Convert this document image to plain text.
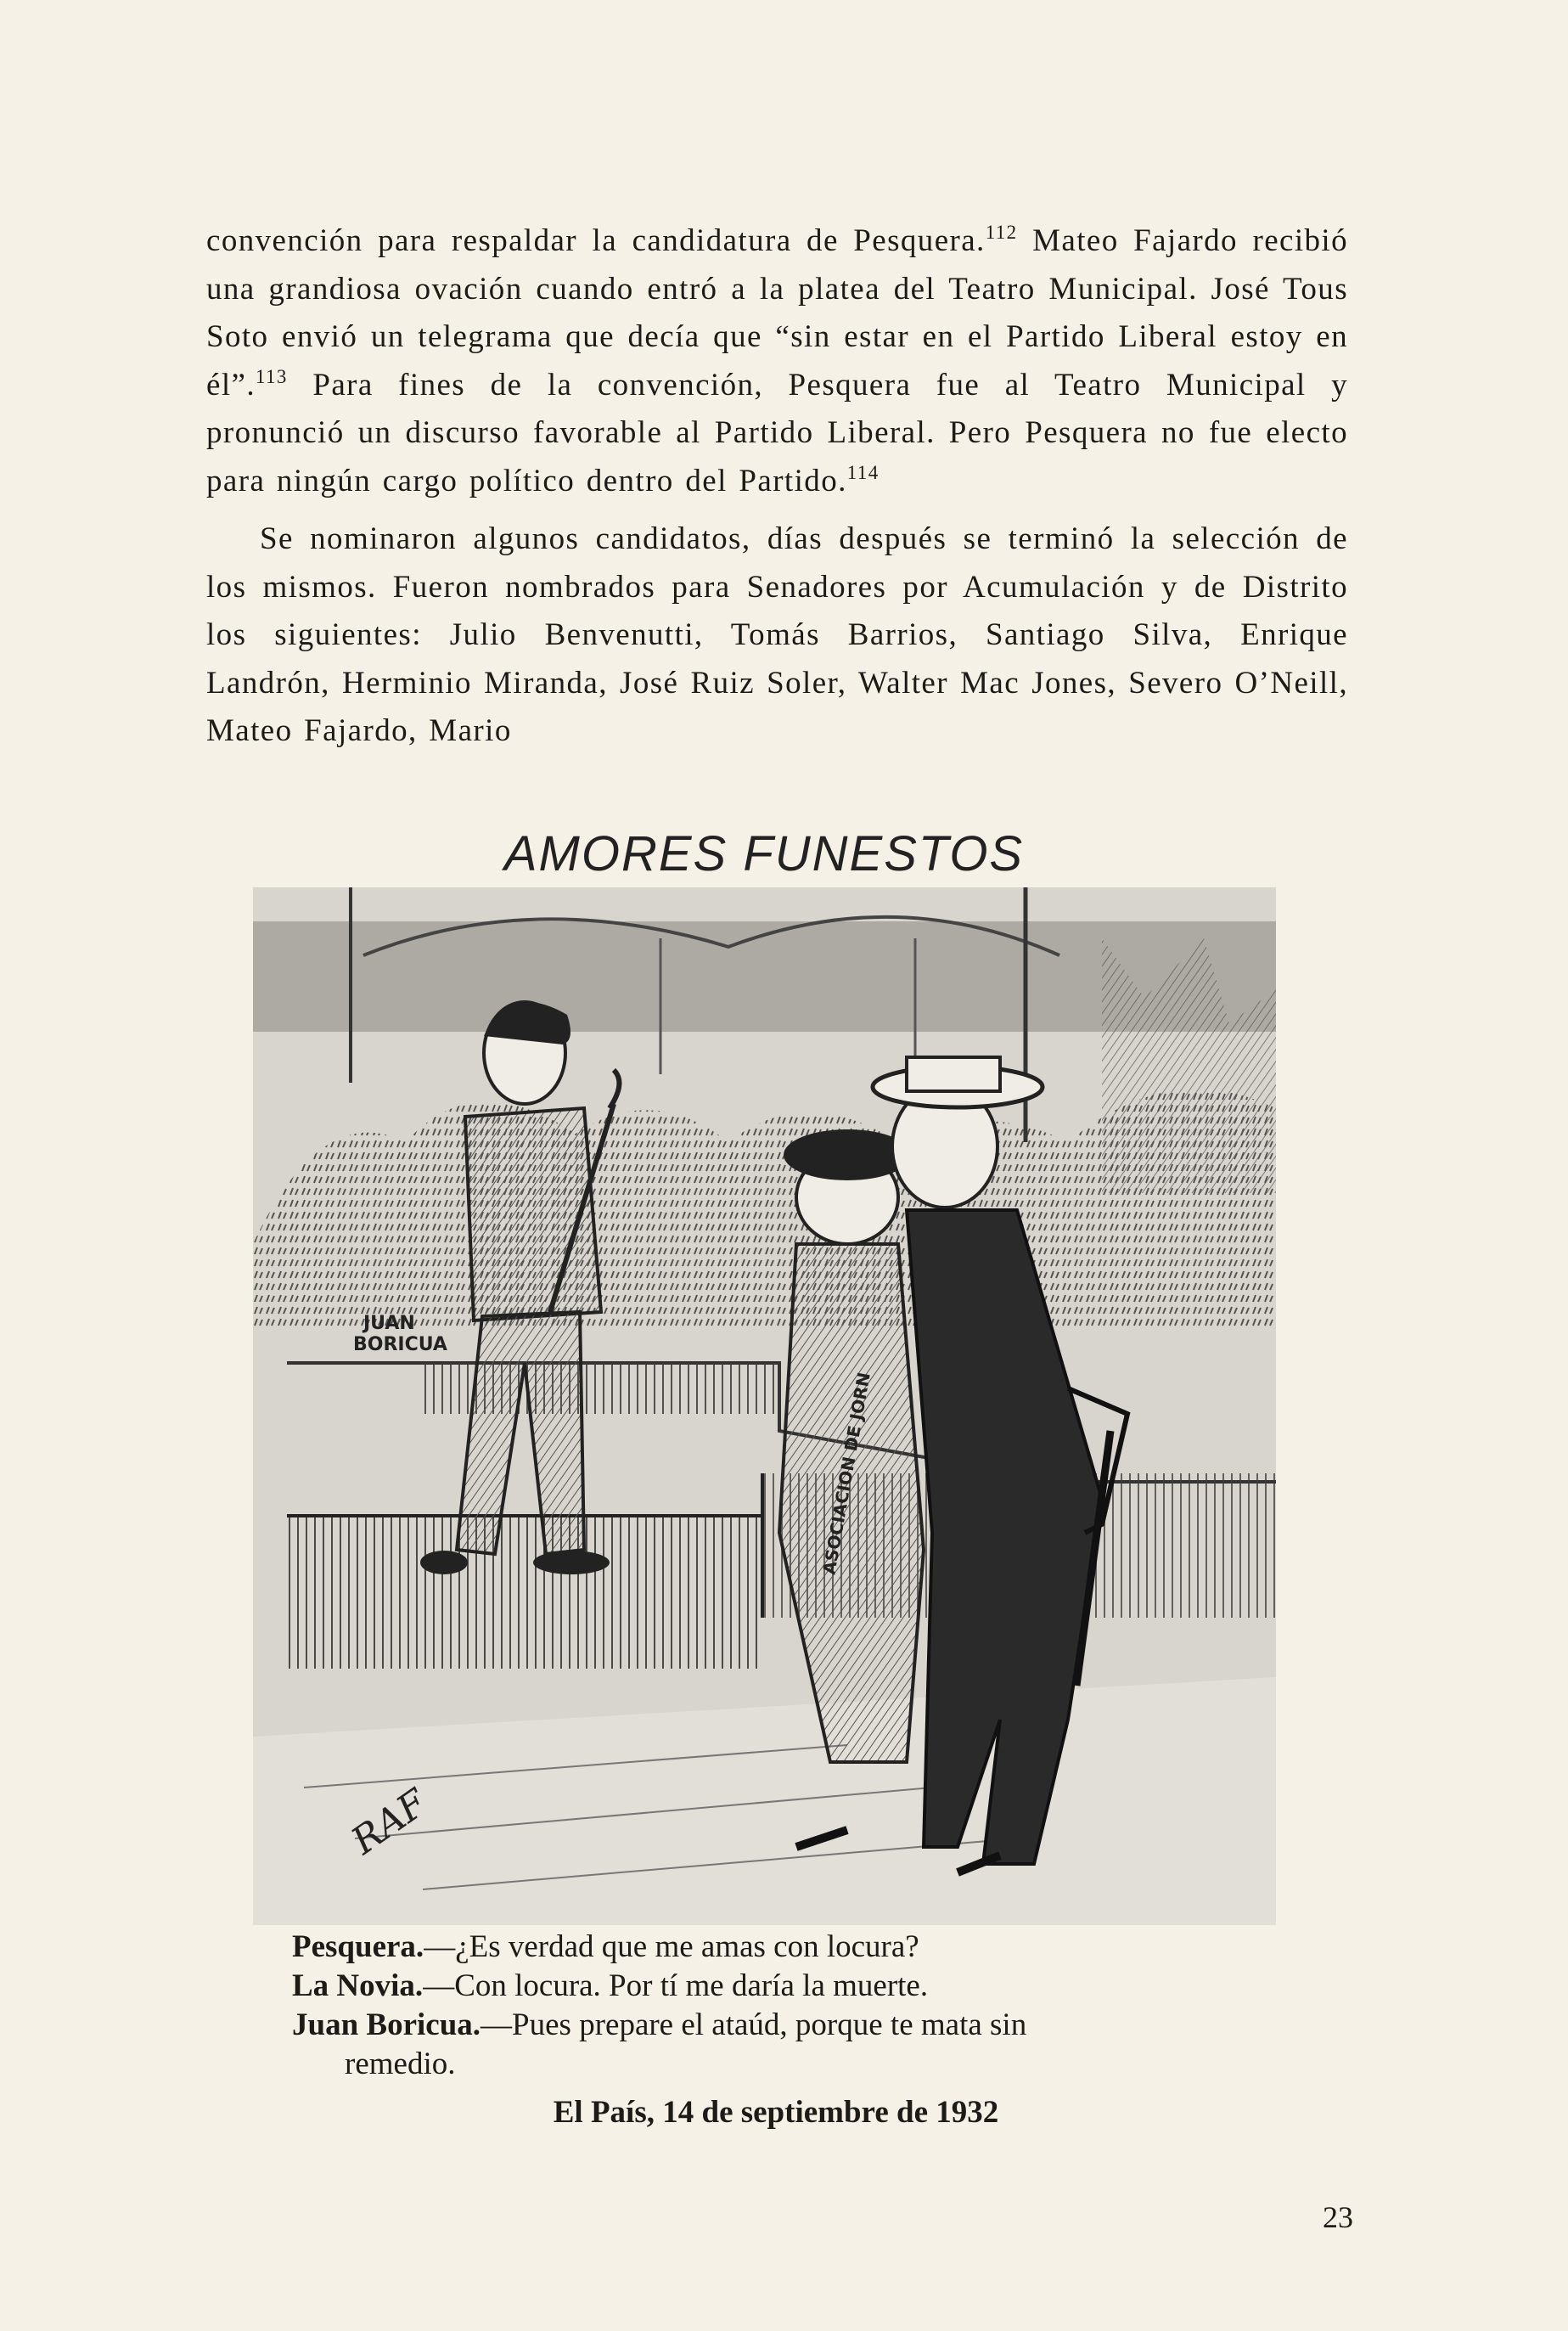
convención para respaldar la candidatura de Pesquera.$^{112}$ Mateo Fajardo recibió una grandiosa ovación cuando entró a la platea del Teatro Municipal. José Tous Soto envió un telegrama que decía que “sin estar en el Partido Liberal estoy en él”.$^{113}$ Para fines de la convención, Pesquera fue al Teatro Municipal y pronunció un discurso favorable al Partido Liberal. Pero Pesquera no fue electo para ningún cargo político dentro del Partido.$^{114}$

Se nominaron algunos candidatos, días después se terminó la selección de los mismos. Fueron nombrados para Senadores por Acumulación y de Distrito los siguientes: Julio Benvenutti, Tomás Barrios, Santiago Silva, Enrique Landrón, Herminio Miranda, José Ruiz Soler, Walter Mac Jones, Severo O’Neill, Mateo Fajardo, Mario

AMORES FUNESTOS
JUAN
BORICUA
ASOCIACION DE JORN
RAF

Pesquera.—¿Es verdad que me amas con locura?

La Novia.—Con locura. Por tí me daría la muerte.

Juan Boricua.—Pues prepare el ataúd, porque te mata sin

remedio.

El País, 14 de septiembre de 1932
23
